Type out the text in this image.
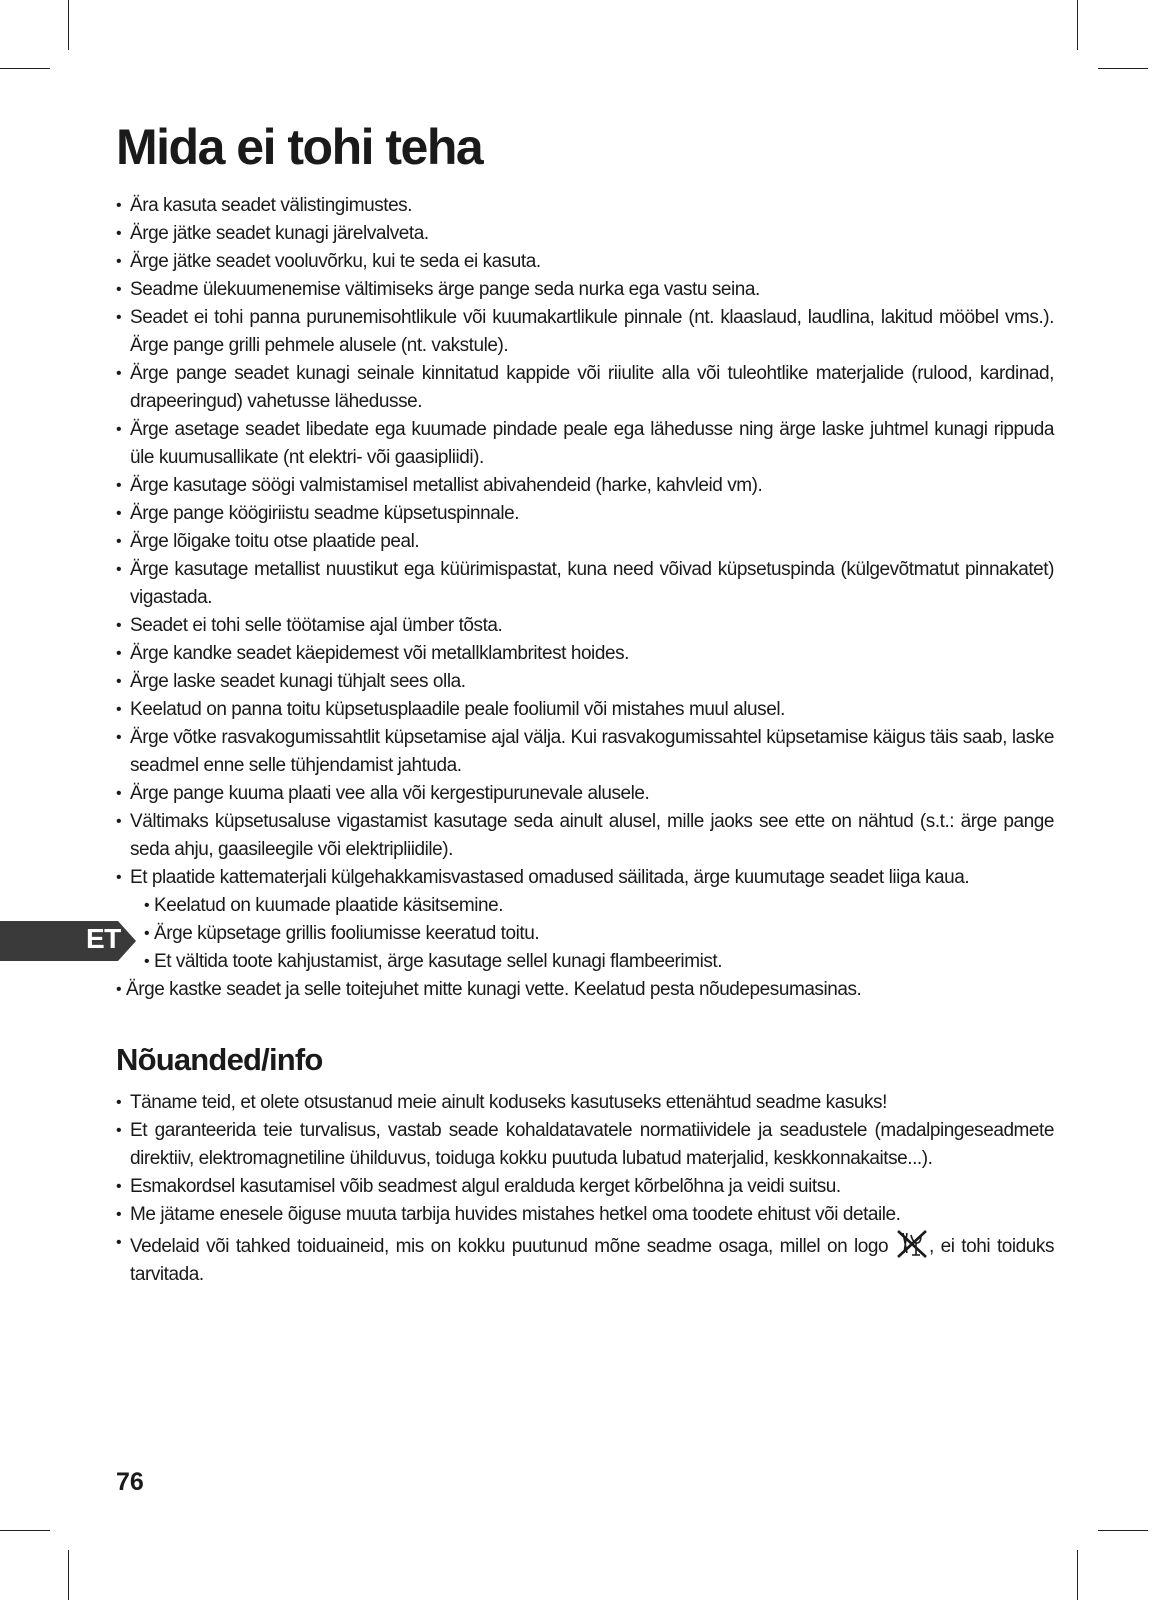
Mida ei tohi teha
• Ära kasuta seadet välistingimustes.
• Ärge jätke seadet kunagi järelvalveta.
• Ärge jätke seadet vooluvõrku, kui te seda ei kasuta.
• Seadme ülekuumenemise vältimiseks ärge pange seda nurka ega vastu seina.
• Seadet ei tohi panna purunemisohtlikule või kuumakartlikule pinnale (nt. klaaslaud, laudlina, lakitud mööbel vms.). Ärge pange grilli pehmele alusele (nt. vakstule).
• Ärge pange seadet kunagi seinale kinnitatud kappide või riiulite alla või tuleohtlike materjalide (rulood, kardinad, drapeeringud) vahetusse lähedusse.
• Ärge asetage seadet libedate ega kuumade pindade peale ega lähedusse ning ärge laske juhtmel kunagi rippuda üle kuumusallikate (nt elektri- või gaasipliidi).
• Ärge kasutage söögi valmistamisel metallist abivahendeid (harke, kahvleid vm).
• Ärge pange köögiriistu seadme küpsetuspinnale.
• Ärge lõigake toitu otse plaatide peal.
• Ärge kasutage metallist nuustikut ega küürimispastat, kuna need võivad küpsetuspinda (külgevõtmatut pinnakatet) vigastada.
• Seadet ei tohi selle töötamise ajal ümber tõsta.
• Ärge kandke seadet käepidemest või metallklambritest hoides.
• Ärge laske seadet kunagi tühjalt sees olla.
• Keelatud on panna toitu küpsetusplaadile peale fooliumil või mistahes muul alusel.
• Ärge võtke rasvakogumissahtlit küpsetamise ajal välja. Kui rasvakogumissahtel küpsetamise käigus täis saab, laske seadmel enne selle tühjendamist jahtuda.
• Ärge pange kuuma plaati vee alla või kergestipurunevale alusele.
• Vältimaks küpsetusaluse vigastamist kasutage seda ainult alusel, mille jaoks see ette on nähtud (s.t.: ärge pange seda ahju, gaasileegile või elektripliidile).
• Et plaatide kattematerjali külgehakkamisvastased omadused säilitada, ärge kuumutage seadet liiga kaua.
• Keelatud on kuumade plaatide käsitsemine.
• Ärge küpsetage grillis fooliumisse keeratud toitu.
• Et vältida toote kahjustamist, ärge kasutage sellel kunagi flambeerimist.
• Ärge kastke seadet ja selle toitejuhet mitte kunagi vette. Keelatud pesta nõudepesumasinas.
ET
Nõuanded/info
• Täname teid, et olete otsustanud meie ainult koduseks kasutuseks ettenähtud seadme kasuks!
• Et garanteerida teie turvalisus, vastab seade kohaldatavatele normatiividele ja seadustele (madalpingeseadmete direktiiv, elektromagnetiline ühilduvus, toiduga kokku puutuda lubatud materjalid, keskkonnakaitse...).
• Esmakordsel kasutamisel võib seadmest algul eralduda kerget kõrbelõhna ja veidi suitsu.
• Me jätame enesele õiguse muuta tarbija huvides mistahes hetkel oma toodete ehitust või detaile.
• Vedelaid või tahked toiduaineid, mis on kokku puutunud mõne seadme osaga, millel on logo , ei tohi toiduks tarvitada.
76
